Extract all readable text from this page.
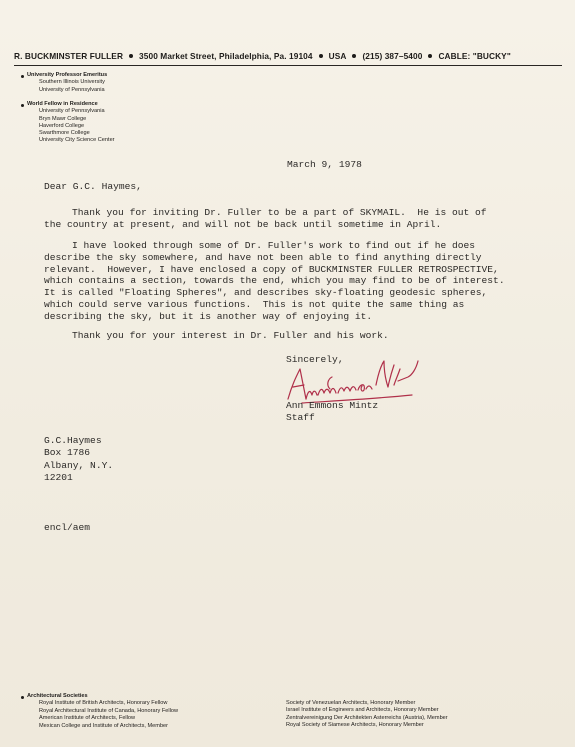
R. BUCKMINSTER FULLER 3500 Market Street, Philadelphia, Pa. 19104 USA (215) 387–5400 CABLE: "BUCKY"
University Professor Emeritus
Southern Illinois University
University of Pennsylvania
World Fellow in Residence
University of Pennsylvania
Bryn Mawr College
Haverford College
Swarthmore College
University City Science Center
March 9, 1978
Dear G.C. Haymes,
Thank you for inviting Dr. Fuller to be a part of SKYMAIL.  He is out of
the country at present, and will not be back until sometime in April.
I have looked through some of Dr. Fuller's work to find out if he does
describe the sky somewhere, and have not been able to find anything directly
relevant.  However, I have enclosed a copy of BUCKMINSTER FULLER RETROSPECTIVE,
which contains a section, towards the end, which you may find to be of interest.
It is called "Floating Spheres", and describes sky-floating geodesic spheres,
which could serve various functions.  This is not quite the same thing as
describing the sky, but it is another way of enjoying it.
Thank you for your interest in Dr. Fuller and his work.
Sincerely,
Ann Emmons Mintz
Staff
G.C.Haymes
Box 1786
Albany, N.Y.
12201
encl/aem
Architectural Societies
Royal Institute of British Architects, Honorary Fellow
Royal Architectural Institute of Canada, Honorary Fellow
American Institute of Architects, Fellow
Mexican College and Institute of Architects, Member
Society of Venezuelan Architects, Honorary Member
Israel Institute of Engineers and Architects, Honorary Member
Zentralvereinigung Der Architekten Asterreichs (Austria), Member
Royal Society of Siamese Architects, Honorary Member
